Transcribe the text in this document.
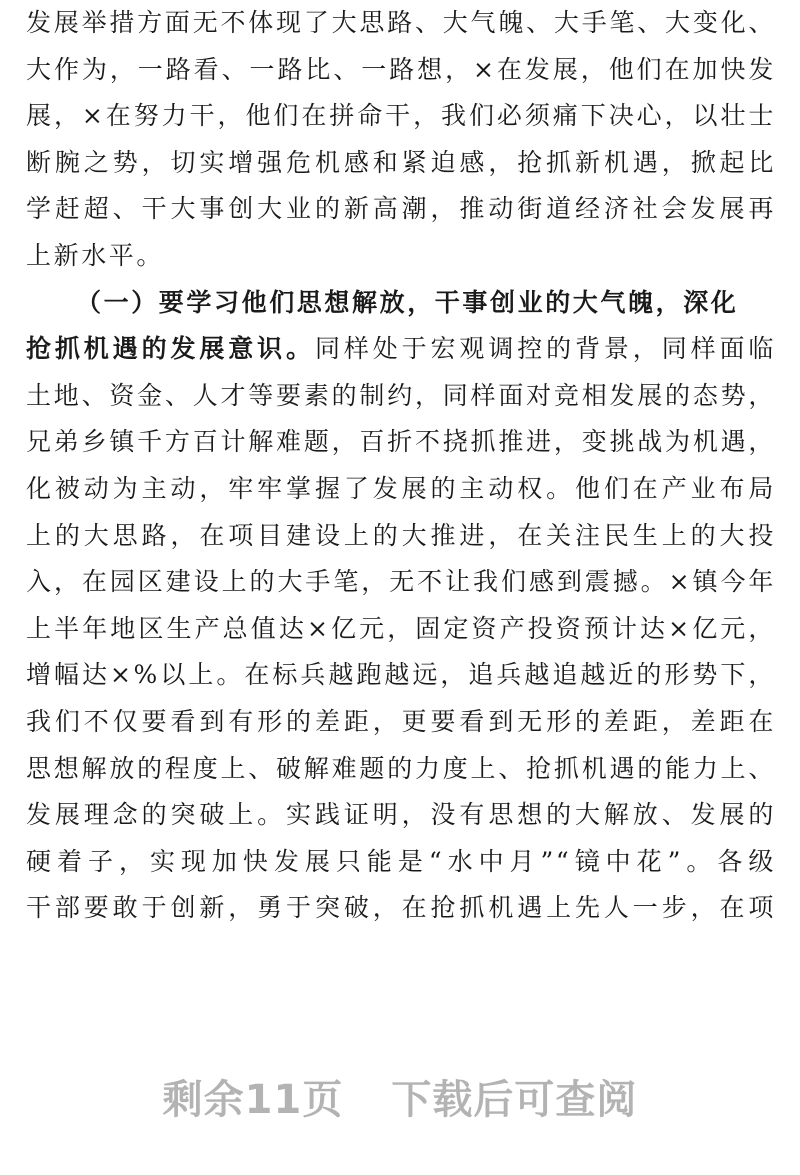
发展举措方面无不体现了大思路、大气魄、大手笔、大变化、
大作为，一路看、一路比、一路想，×在发展，他们在加快发
展，×在努力干，他们在拼命干，我们必须痛下决心，以壮士
断腕之势，切实增强危机感和紧迫感，抢抓新机遇，掀起比
学赶超、干大事创大业的新高潮，推动街道经济社会发展再
上新水平。
（一）要学习他们思想解放，干事创业的大气魄，深化
抢抓机遇的发展意识。同样处于宏观调控的背景，同样面临
土地、资金、人才等要素的制约，同样面对竞相发展的态势，
兄弟乡镇千方百计解难题，百折不挠抓推进，变挑战为机遇，
化被动为主动，牢牢掌握了发展的主动权。他们在产业布局
上的大思路，在项目建设上的大推进，在关注民生上的大投
入，在园区建设上的大手笔，无不让我们感到震撼。×镇今年
上半年地区生产总值达×亿元，固定资产投资预计达×亿元，
增幅达×%以上。在标兵越跑越远，追兵越追越近的形势下，
我们不仅要看到有形的差距，更要看到无形的差距，差距在
思想解放的程度上、破解难题的力度上、抢抓机遇的能力上、
发展理念的突破上。实践证明，没有思想的大解放、发展的
硬着子，实现加快发展只能是“水中月”“镜中花”。各级
干部要敢于创新，勇于突破，在抢抓机遇上先人一步，在项
剩余11页 下载后可查阅
